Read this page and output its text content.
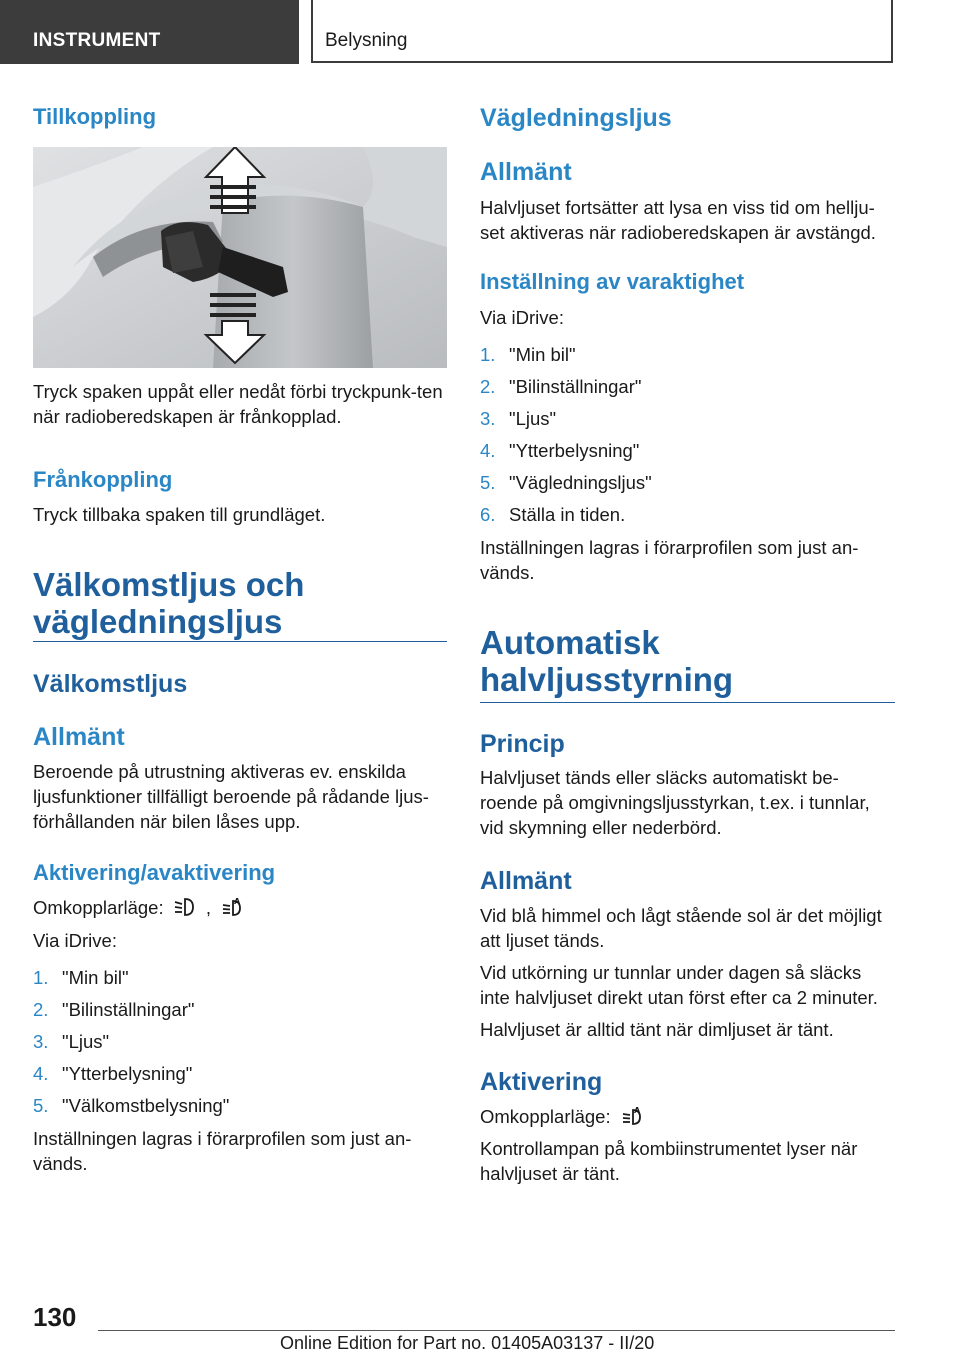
INSTRUMENT	Belysning
Tillkoppling
Tryck spaken uppåt eller nedåt förbi tryckpunk-ten när radioberedskapen är frånkopplad.
Frånkoppling
Tryck tillbaka spaken till grundläget.
Välkomstljus och
vägledningsljus
Välkomstljus
Allmänt
Beroende på utrustning aktiveras ev. enskilda ljusfunktioner tillfälligt beroende på rådande ljus-förhållanden när bilen låses upp.
Aktivering/avaktivering
Omkopplarläge: ,	A
Via iDrive:
1. "Min bil"
2. "Bilinställningar"
3. "Ljus"
4. "Ytterbelysning"
5. "Välkomstbelysning"
Inställningen lagras i förarprofilen som just an-vänds.
Vägledningsljus
Allmänt
Halvljuset fortsätter att lysa en viss tid om hellju-set aktiveras när radioberedskapen är avstängd.
Inställning av varaktighet
Via iDrive:
1. "Min bil"
2. "Bilinställningar"
3. "Ljus"
4. "Ytterbelysning"
5. "Vägledningsljus"
6. Ställa in tiden.
Inställningen lagras i förarprofilen som just an-vänds.
Automatisk
halvljusstyrning
Princip
Halvljuset tänds eller släcks automatiskt be-roende på omgivningsljusstyrkan, t.ex. i tunnlar, vid skymning eller nederbörd.
Allmänt
Vid blå himmel och lågt stående sol är det möjligt att ljuset tänds.
Vid utkörning ur tunnlar under dagen så släcks inte halvljuset direkt utan först efter ca 2 minuter.
Halvljuset är alltid tänt när dimljuset är tänt.
Aktivering
Omkopplarläge:	A
Kontrollampan på kombiinstrumentet lyser när halvljuset är tänt.
130
Online Edition for Part no. 01405A03137 - II/20
